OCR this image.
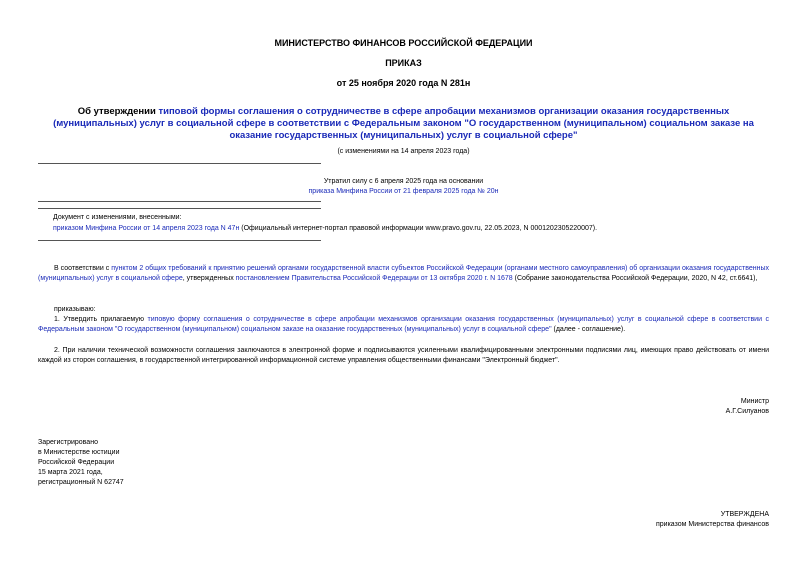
МИНИСТЕРСТВО ФИНАНСОВ РОССИЙСКОЙ ФЕДЕРАЦИИ
ПРИКАЗ
от 25 ноября 2020 года N 281н
Об утверждении типовой формы соглашения о сотрудничестве в сфере апробации механизмов организации оказания государственных (муниципальных) услуг в социальной сфере в соответствии с Федеральным законом "О государственном (муниципальном) социальном заказе на оказание государственных (муниципальных) услуг в социальной сфере"
(с изменениями на 14 апреля 2023 года)
Утратил силу с 6 апреля 2025 года на основании
приказа Минфина России от 21 февраля 2025 года № 20н
Документ с изменениями, внесенными:
приказом Минфина России от 14 апреля 2023 года N 47н (Официальный интернет-портал правовой информации www.pravo.gov.ru, 22.05.2023, N 0001202305220007).
В соответствии с пунктом 2 общих требований к принятию решений органами государственной власти субъектов Российской Федерации (органами местного самоуправления) об организации оказания государственных (муниципальных) услуг в социальной сфере, утвержденных постановлением Правительства Российской Федерации от 13 октября 2020 г. N 1678 (Собрание законодательства Российской Федерации, 2020, N 42, ст.6641),
приказываю:
1. Утвердить прилагаемую типовую форму соглашения о сотрудничестве в сфере апробации механизмов организации оказания государственных (муниципальных) услуг в социальной сфере в соответствии с Федеральным законом "О государственном (муниципальном) социальном заказе на оказание государственных (муниципальных) услуг в социальной сфере" (далее - соглашение).
2. При наличии технической возможности соглашения заключаются в электронной форме и подписываются усиленными квалифицированными электронными подписями лиц, имеющих право действовать от имени каждой из сторон соглашения, в государственной интегрированной информационной системе управления общественными финансами "Электронный бюджет".
Министр
А.Г.Силуанов
Зарегистрировано
в Министерстве юстиции
Российской Федерации
15 марта 2021 года,
регистрационный N 62747
УТВЕРЖДЕНА
приказом Министерства финансов
